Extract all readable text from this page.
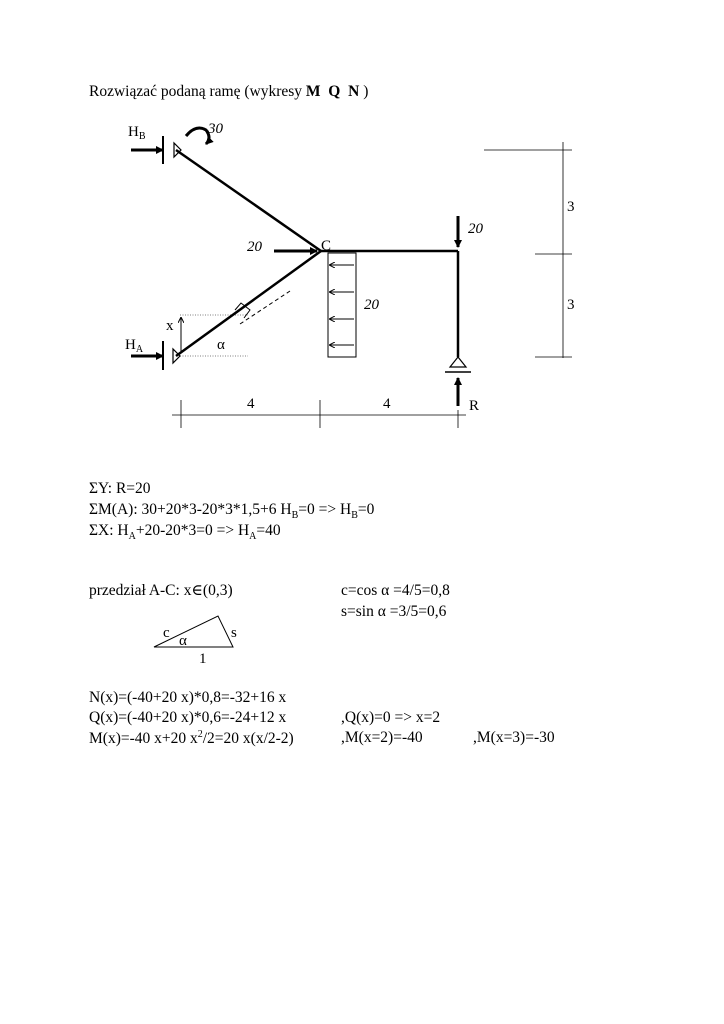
Rozwiązać podaną ramę (wykresy M Q N )
$H_B$	30
20	C
20
20
3
3
x
$H_A$	α
4	4	R
c α	s
1
ΣY: R=20
ΣM(A): 30+20*3-20*3*1,5+6 $H_B=0 => H_B=0$
ΣX: $H_A+20-20*3=0 => H_A=40$
przedział A-C: x∈(0,3)	c=cos α =4/5=0,8
s=sin α =3/5=0,6
N(x)=(-40+20 x)*0,8=-32+16 x
Q(x)=(-40+20 x)*0,6=-24+12 x	,Q(x)=0 => x=2
M(x)=-40 x+20 $x^2/2=20$ x(x/2-2)	,M(x=2)=-40	,M(x=3)=-30
